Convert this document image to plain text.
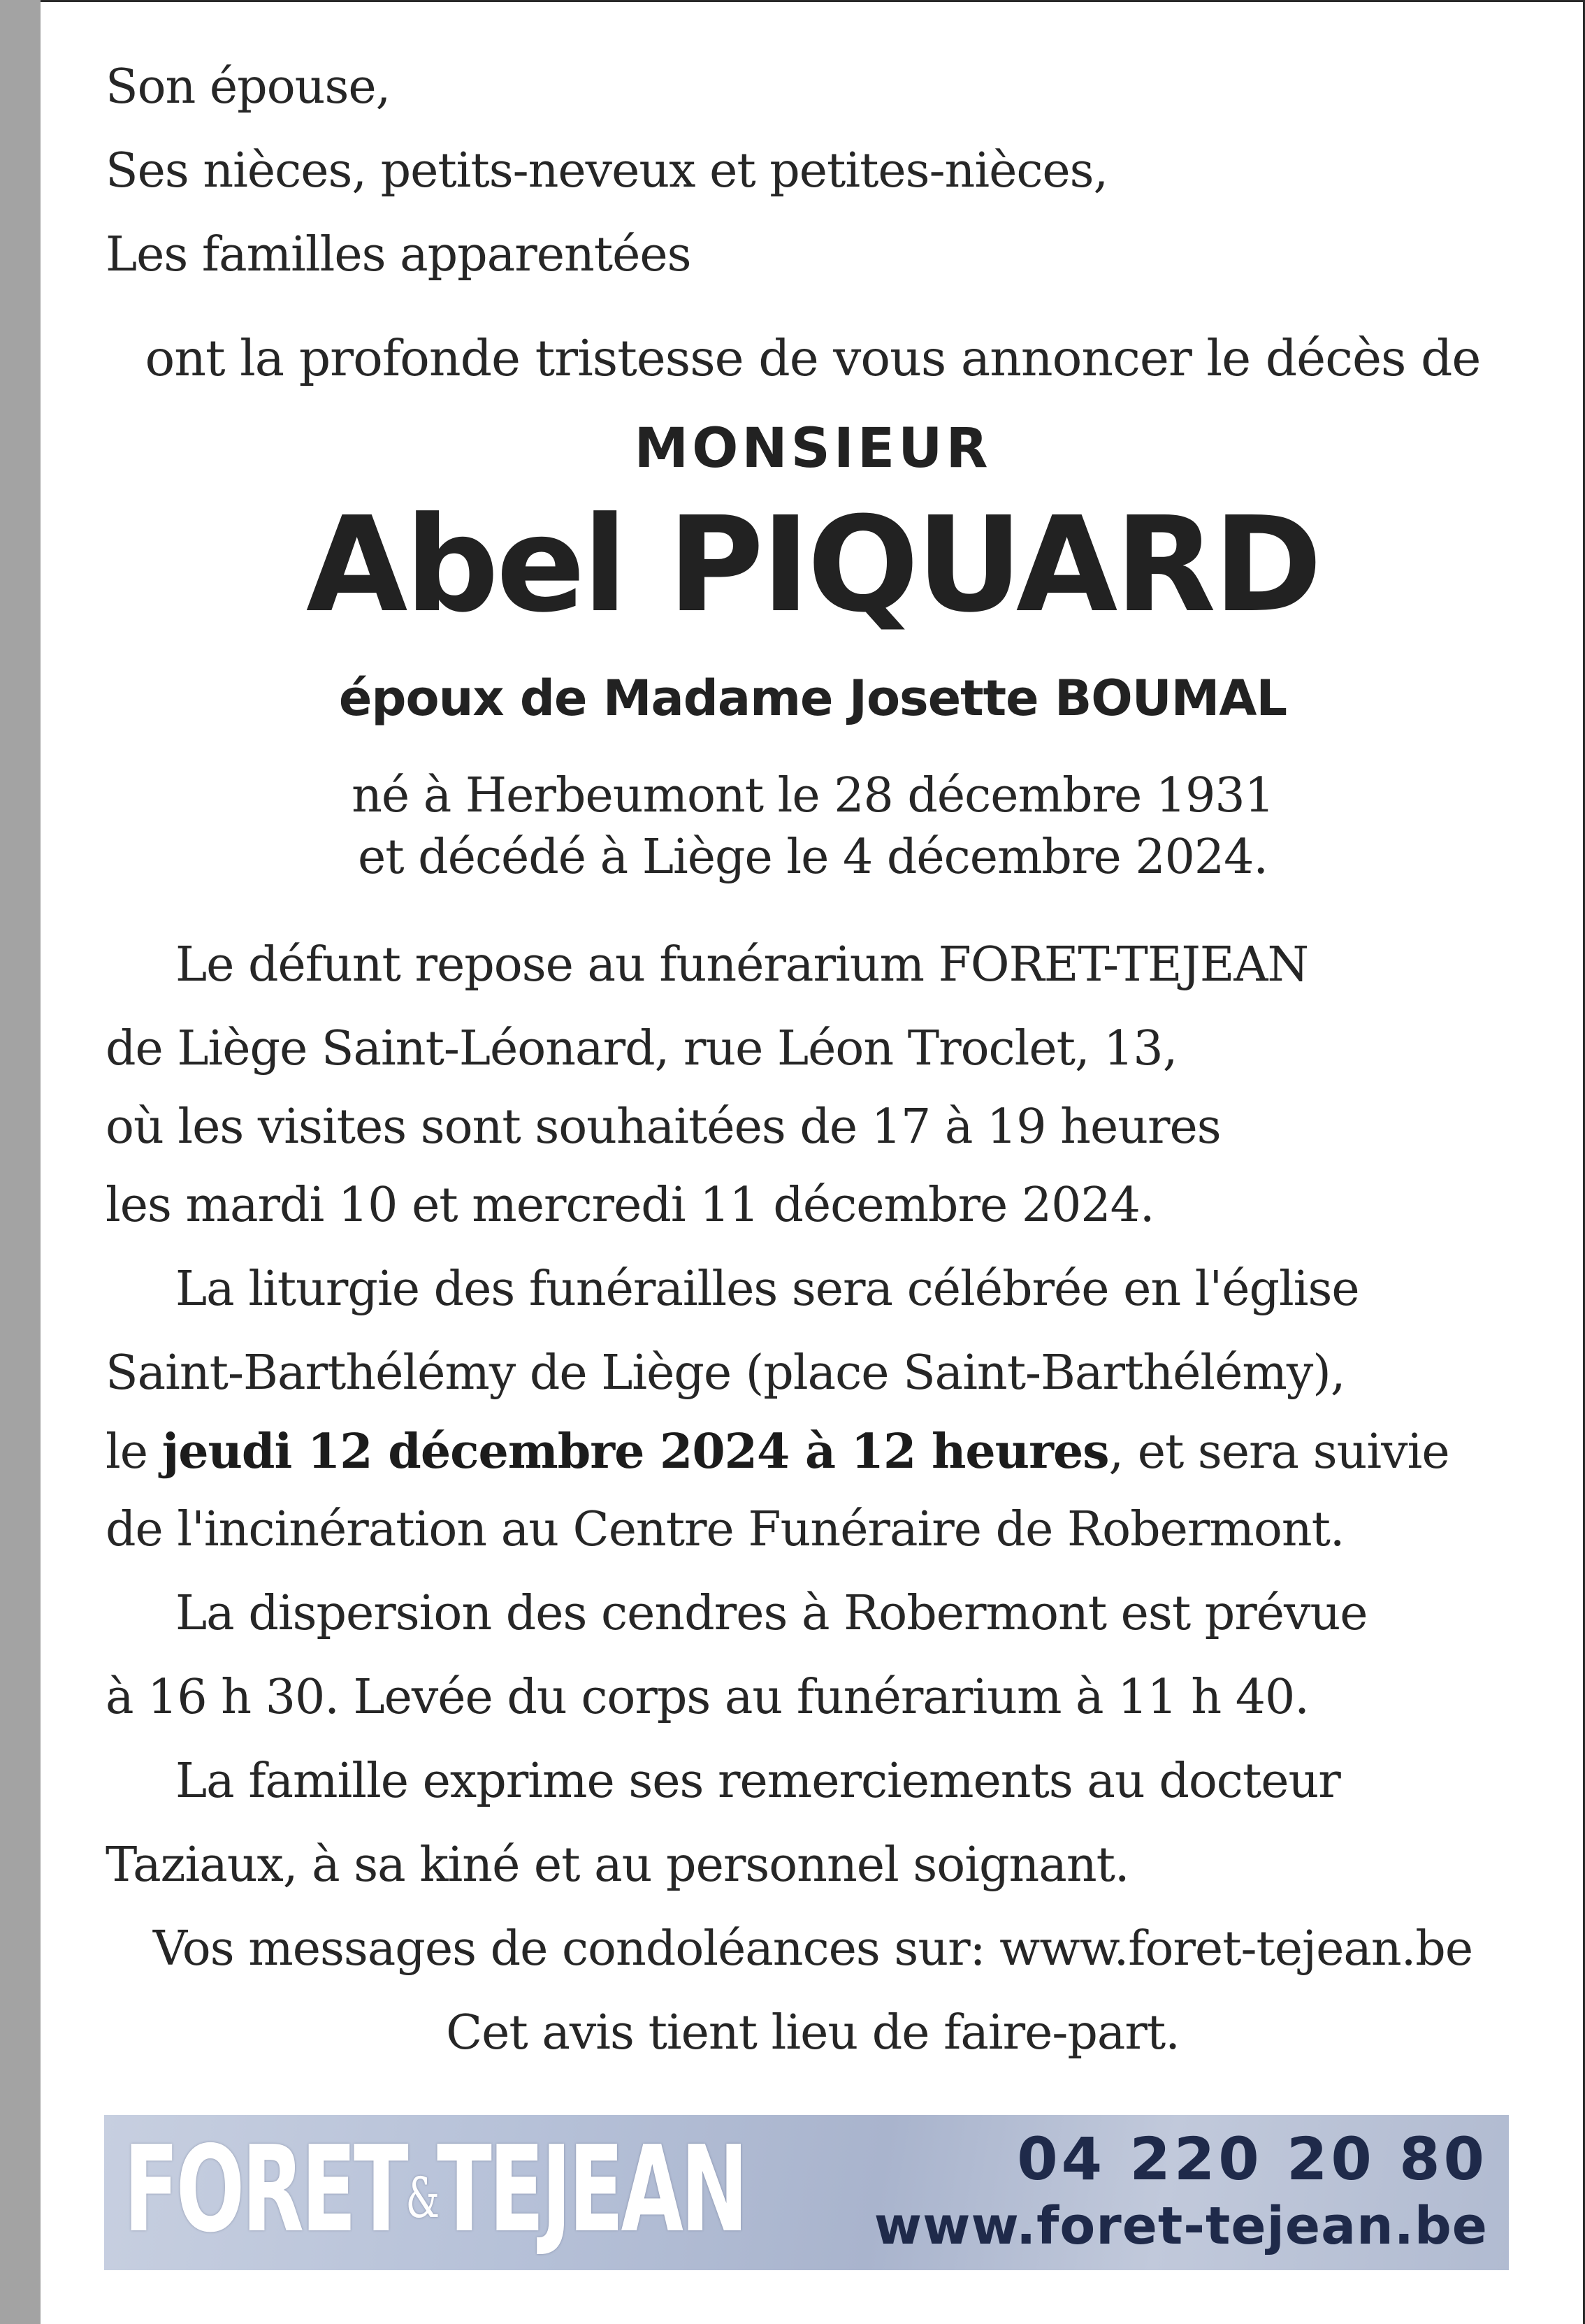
Son épouse,
Ses nièces, petits-neveux et petites-nièces,
Les familles apparentées
ont la profonde tristesse de vous annoncer le décès de
MONSIEUR
Abel PIQUARD
époux de Madame Josette BOUMAL
né à Herbeumont le 28 décembre 1931
et décédé à Liège le 4 décembre 2024.
Le défunt repose au funérarium FORET-TEJEAN
de Liège Saint-Léonard, rue Léon Troclet, 13,
où les visites sont souhaitées de 17 à 19 heures
les mardi 10 et mercredi 11 décembre 2024.
La liturgie des funérailles sera célébrée en l'église
Saint-Barthélémy de Liège (place Saint-Barthélémy),
le jeudi 12 décembre 2024 à 12 heures, et sera suivie
de l'incinération au Centre Funéraire de Robermont.
La dispersion des cendres à Robermont est prévue
à 16 h 30. Levée du corps au funérarium à 11 h 40.
La famille exprime ses remerciements au docteur
Taziaux, à sa kiné et au personnel soignant.
Vos messages de condoléances sur: www.foret-tejean.be
Cet avis tient lieu de faire-part.
FORET&TEJEAN	04 220 20 80
www.foret-tejean.be
